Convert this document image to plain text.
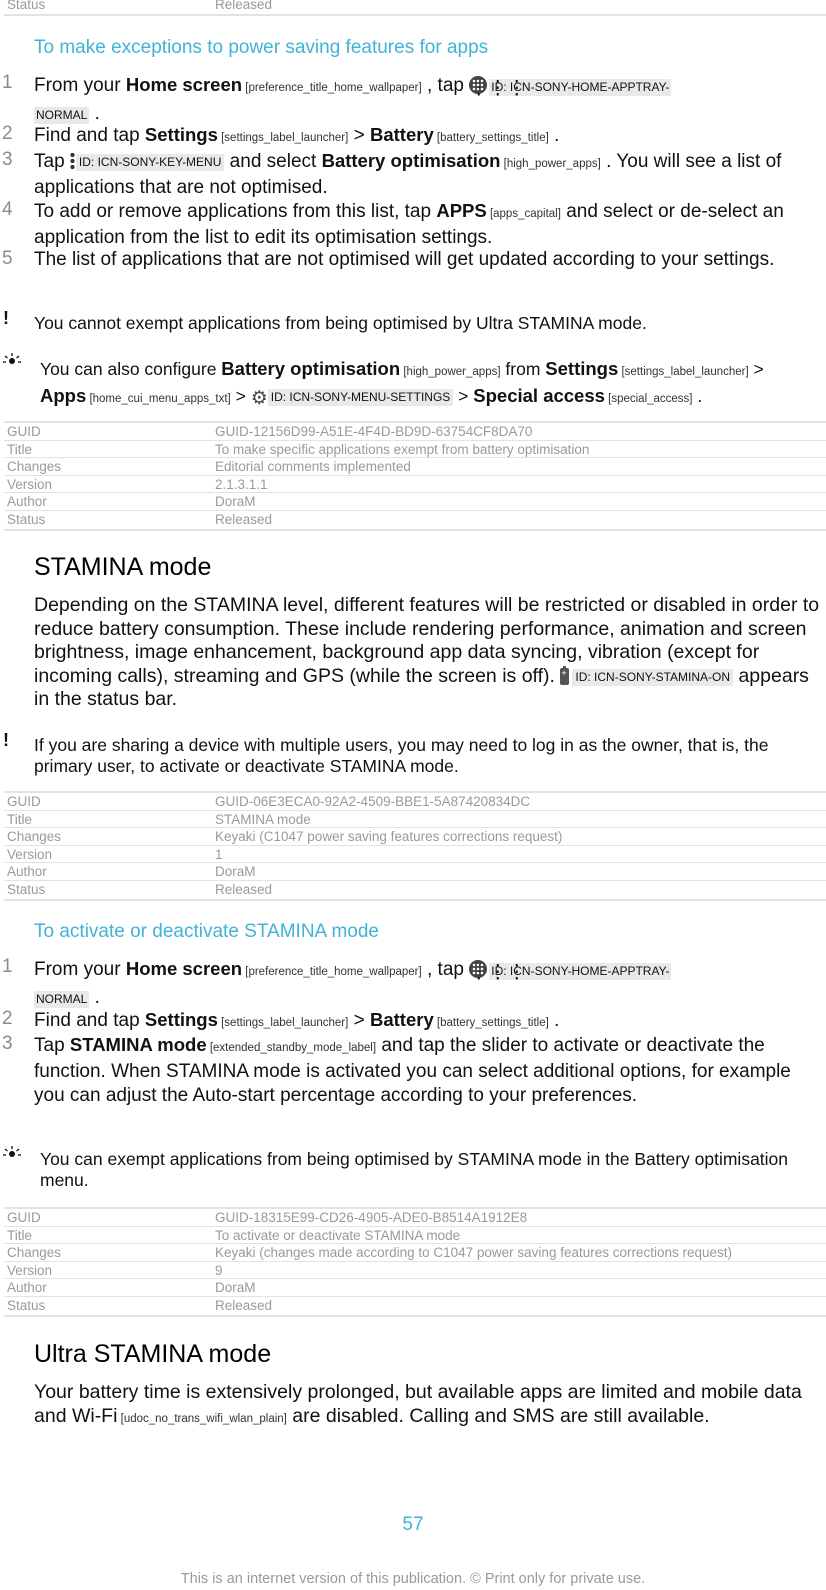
Status	Released
To make exceptions to power saving features for apps
1 From your Home screen [preference_title_home_wallpaper] , tap
⋮⋮⋮ID: ICN-SONY-HOME-APPTRAY-
NORMAL .
2 Find and tap Settings [settings_label_launcher] > Battery [battery_settings_title] .
3 Tap ID: ICN-SONY-KEY-MENU and select Battery optimisation [high_power_apps] . You will see a list of applications that are not optimised.
4 To add or remove applications from this list, tap APPS [apps_capital] and select or de-select an application from the list to edit its optimisation settings.
5 The list of applications that are not optimised will get updated according to your settings.
! You cannot exempt applications from being optimised by Ultra STAMINA mode.
You can also configure Battery optimisation [high_power_apps] from Settings [settings_label_launcher] >
Apps [home_cui_menu_apps_txt] > ⚙ ID: ICN-SONY-MENU-SETTINGS > Special access [special_access] .
GUID	GUID-12156D99-A51E-4F4D-BD9D-63754CF8DA70
Title	To make specific applications exempt from battery optimisation
Changes	Editorial comments implemented
Version	2.1.3.1.1
Author	DoraM
Status	Released
STAMINA mode
Depending on the STAMINA level, different features will be restricted or disabled in order to reduce battery consumption. These include rendering performance, animation and screen brightness, image enhancement, background app data syncing, vibration (except for incoming calls), streaming and GPS (while the screen is off). +ID: ICN-SONY-STAMINA-ON appears in the status bar.
! If you are sharing a device with multiple users, you may need to log in as the owner, that is, the primary user, to activate or deactivate STAMINA mode.
GUID	GUID-06E3ECA0-92A2-4509-BBE1-5A87420834DC
Title	STAMINA mode
Changes	Keyaki (C1047 power saving features corrections request)
Version	1
Author	DoraM
Status	Released
To activate or deactivate STAMINA mode
1 From your Home screen [preference_title_home_wallpaper] , tap
⋮⋮⋮ID: ICN-SONY-HOME-APPTRAY-
NORMAL .
2 Find and tap Settings [settings_label_launcher] > Battery [battery_settings_title] .
3 Tap STAMINA mode [extended_standby_mode_label] and tap the slider to activate or deactivate the function. When STAMINA mode is activated you can select additional options, for example you can adjust the Auto-start percentage according to your preferences.
You can exempt applications from being optimised by STAMINA mode in the Battery optimisation menu.
GUID	GUID-18315E99-CD26-4905-ADE0-B8514A1912E8
Title	To activate or deactivate STAMINA mode
Changes	Keyaki (changes made according to C1047 power saving features corrections request)
Version	9
Author	DoraM
Status	Released
Ultra STAMINA mode
Your battery time is extensively prolonged, but available apps are limited and mobile data and Wi-Fi [udoc_no_trans_wifi_wlan_plain] are disabled. Calling and SMS are still available.
57
This is an internet version of this publication. © Print only for private use.
